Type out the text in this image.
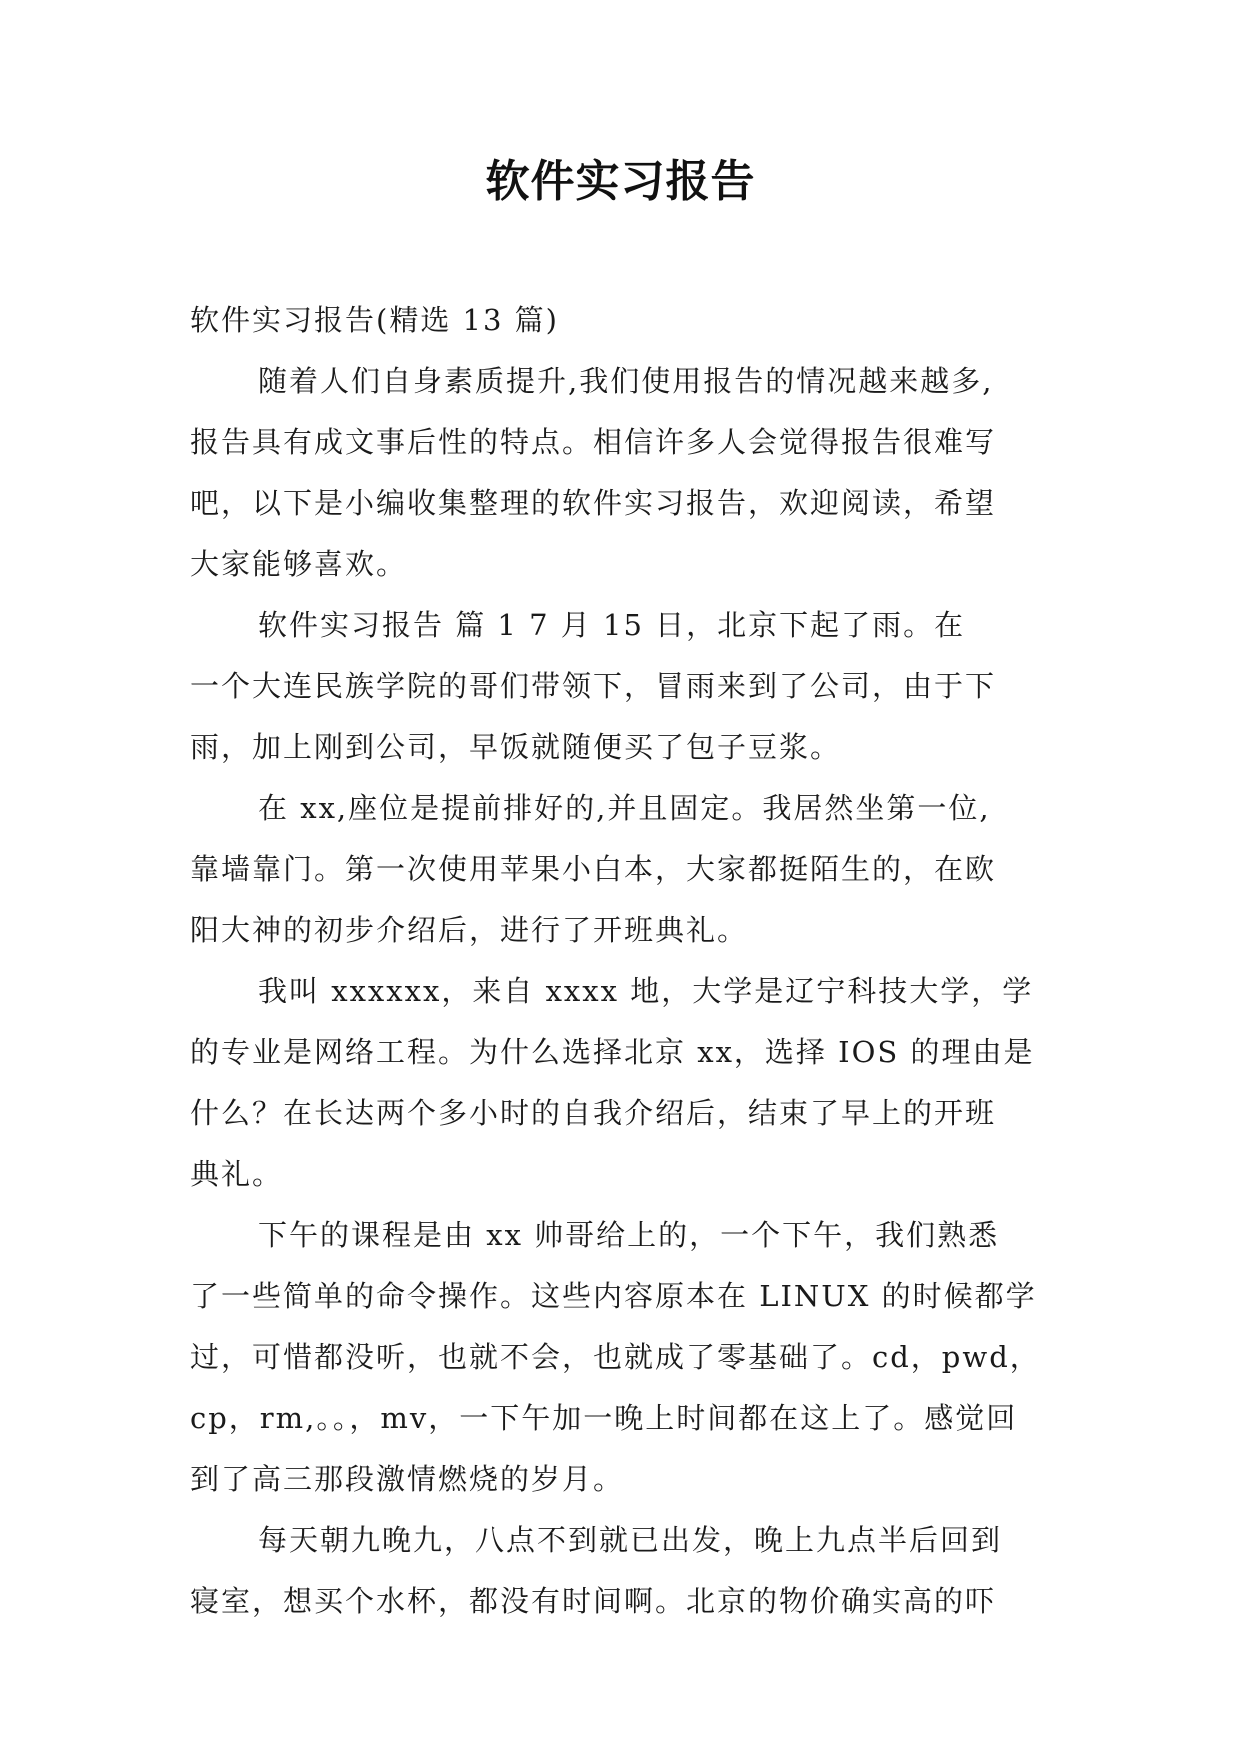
软件实习报告
软件实习报告(精选 13 篇)
随着人们自身素质提升,我们使用报告的情况越来越多,
报告具有成文事后性的特点。相信许多人会觉得报告很难写
吧，以下是小编收集整理的软件实习报告，欢迎阅读，希望
大家能够喜欢。
软件实习报告 篇 1 7 月 15 日，北京下起了雨。在
一个大连民族学院的哥们带领下，冒雨来到了公司，由于下
雨，加上刚到公司，早饭就随便买了包子豆浆。
在 xx,座位是提前排好的,并且固定。我居然坐第一位,
靠墙靠门。第一次使用苹果小白本，大家都挺陌生的，在欧
阳大神的初步介绍后，进行了开班典礼。
我叫 xxxxxx，来自 xxxx 地，大学是辽宁科技大学，学
的专业是网络工程。为什么选择北京 xx，选择 IOS 的理由是
什么？在长达两个多小时的自我介绍后，结束了早上的开班
典礼。
下午的课程是由 xx 帅哥给上的，一个下午，我们熟悉
了一些简单的命令操作。这些内容原本在 LINUX 的时候都学
过，可惜都没听，也就不会，也就成了零基础了。cd，pwd，
cp，rm,。。，mv，一下午加一晚上时间都在这上了。感觉回
到了高三那段激情燃烧的岁月。
每天朝九晚九，八点不到就已出发，晚上九点半后回到
寝室，想买个水杯，都没有时间啊。北京的物价确实高的吓
